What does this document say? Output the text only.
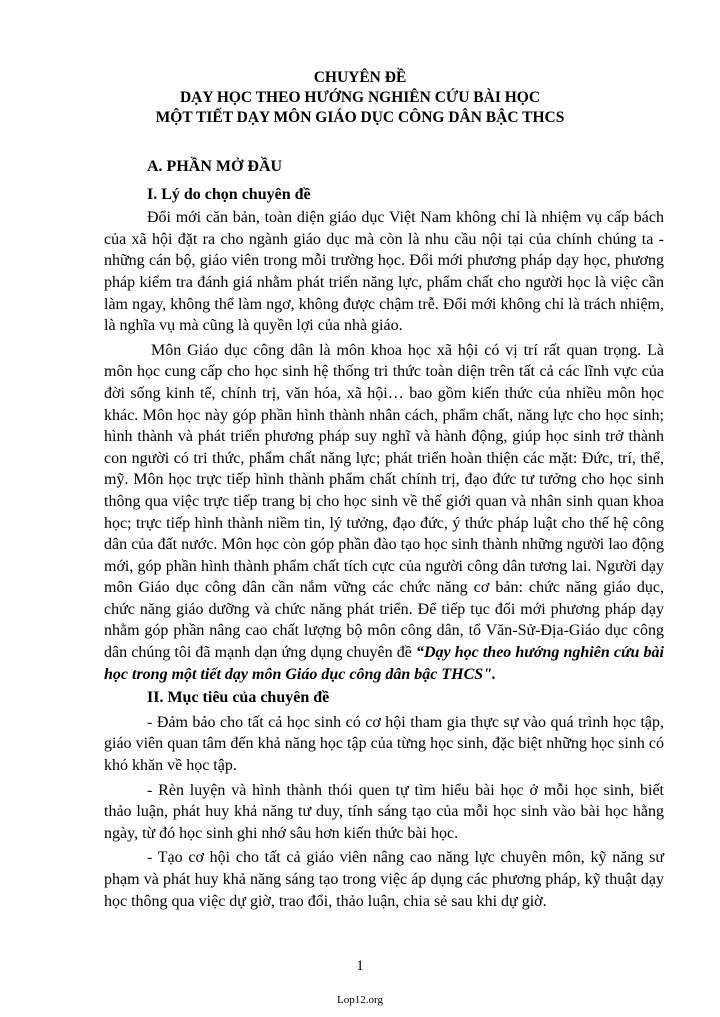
CHUYÊN ĐỀ
DẠY HỌC THEO HƯỚNG NGHIÊN CỨU BÀI HỌC
MỘT TIẾT DẠY MÔN GIÁO DỤC CÔNG DÂN BẬC THCS
A. PHẦN MỞ ĐẦU
I. Lý do chọn chuyên đề

Đổi mới căn bản, toàn diện giáo dục Việt Nam không chỉ là nhiệm vụ cấp bách của xã hội đặt ra cho ngành giáo dục mà còn là nhu cầu nội tại của chính chúng ta - những cán bộ, giáo viên trong mỗi trường học. Đổi mới phương pháp dạy học, phương pháp kiểm tra đánh giá nhằm phát triển năng lực, phẩm chất cho người học là việc cần làm ngay, không thể làm ngơ, không được chậm trễ. Đổi mới không chỉ là trách nhiệm, là nghĩa vụ mà cũng là quyền lợi của nhà giáo.

Môn Giáo dục công dân là môn khoa học xã hội có vị trí rất quan trọng. Là môn học cung cấp cho học sinh hệ thống tri thức toàn diện trên tất cả các lĩnh vực của đời sống kinh tế, chính trị, văn hóa, xã hội… bao gồm kiến thức của nhiều môn học khác. Môn học này góp phần hình thành nhân cách, phẩm chất, năng lực cho học sinh; hình thành và phát triển phương pháp suy nghĩ và hành động, giúp học sinh trở thành con người có tri thức, phẩm chất năng lực; phát triển hoàn thiện các mặt: Đức, trí, thể, mỹ. Môn học trực tiếp hình thành phẩm chất chính trị, đạo đức tư tưởng cho học sinh thông qua việc trực tiếp trang bị cho học sinh về thế giới quan và nhân sinh quan khoa học; trực tiếp hình thành niềm tin, lý tưởng, đạo đức, ý thức pháp luật cho thế hệ công dân của đất nước. Môn học còn góp phần đào tạo học sinh thành những người lao động mới, góp phần hình thành phẩm chất tích cực của người công dân tương lai. Người dạy môn Giáo dục công dân cần nắm vững các chức năng cơ bản: chức năng giáo dục, chức năng giáo dưỡng và chức năng phát triển. Để tiếp tục đổi mới phương pháp dạy nhằm góp phần nâng cao chất lượng bộ môn công dân, tổ Văn-Sử-Địa-Giáo dục công dân chúng tôi đã mạnh dạn ứng dụng chuyên đề “Dạy học theo hướng nghiên cứu bài học trong một tiết dạy môn Giáo dục công dân bậc THCS".

II. Mục tiêu của chuyên đề

- Đảm bảo cho tất cả học sinh có cơ hội tham gia thực sự vào quá trình học tập, giáo viên quan tâm đến khả năng học tập của từng học sinh, đặc biệt những học sinh có khó khăn về học tập.

- Rèn luyện và hình thành thói quen tự tìm hiểu bài học ở mỗi học sinh, biết thảo luận, phát huy khả năng tư duy, tính sáng tạo của mỗi học sinh vào bài học hằng ngày, từ đó học sinh ghi nhớ sâu hơn kiến thức bài học.

- Tạo cơ hội cho tất cả giáo viên nâng cao năng lực chuyên môn, kỹ năng sư phạm và phát huy khả năng sáng tạo trong việc áp dụng các phương pháp, kỹ thuật dạy học thông qua việc dự giờ, trao đổi, thảo luận, chia sẻ sau khi dự giờ.

1
Lop12.org
